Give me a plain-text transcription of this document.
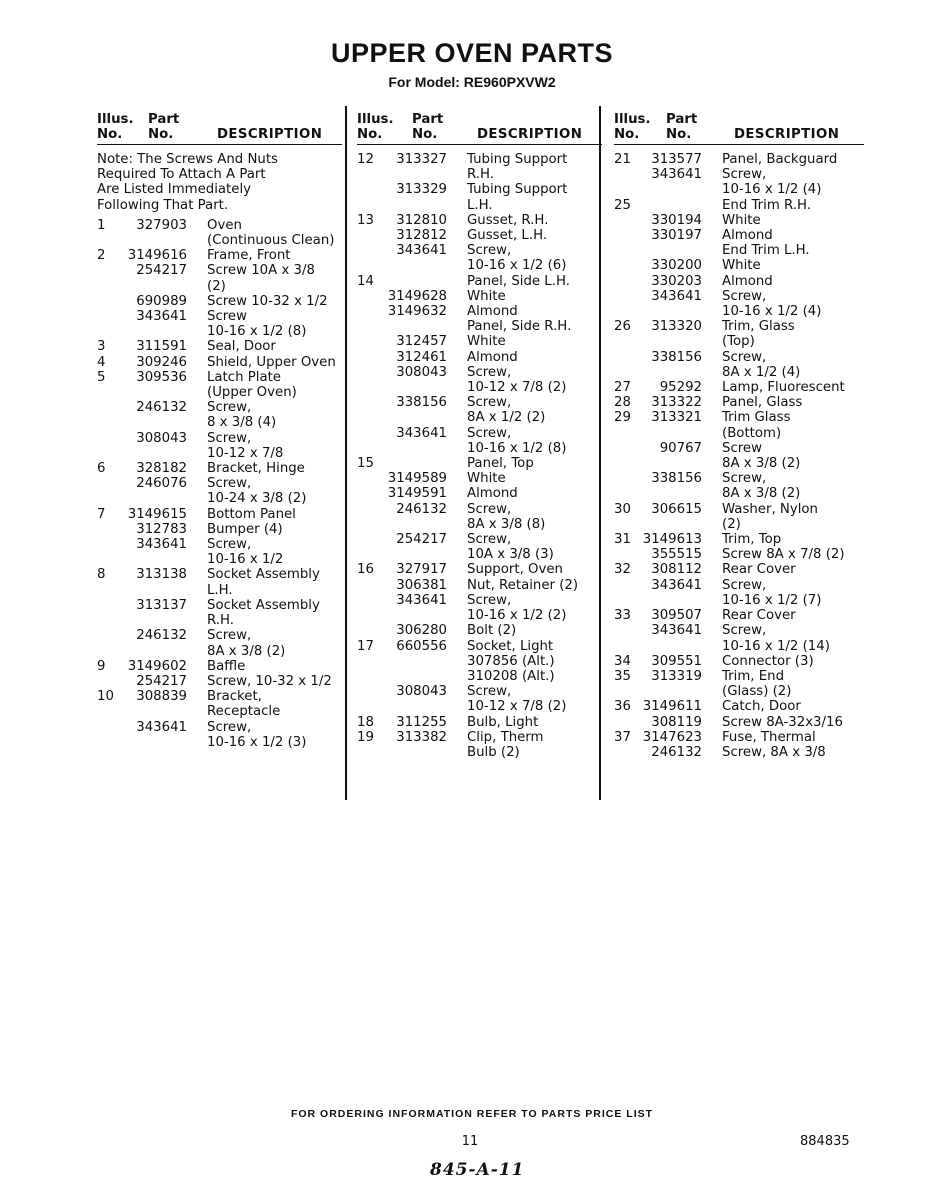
UPPER OVEN PARTS
For Model: RE960PXVW2
Illus.
No.
Part
No.	DESCRIPTION
Note: The Screws And Nuts
Required To Attach A Part
Are Listed Immediately
Following That Part.
1	327903	Oven
(Continuous Clean)
2	3149616	Frame, Front
254217	Screw 10A x 3/8
(2)
690989	Screw 10-32 x 1/2
343641	Screw
10-16 x 1/2 (8)
3	311591	Seal, Door
4	309246	Shield, Upper Oven
5	309536	Latch Plate
(Upper Oven)
246132	Screw,
8 x 3/8 (4)
308043	Screw,
10-12 x 7/8
6	328182	Bracket, Hinge
246076	Screw,
10-24 x 3/8 (2)
7	3149615	Bottom Panel
312783	Bumper (4)
343641	Screw,
10-16 x 1/2
8	313138	Socket Assembly
L.H.
313137	Socket Assembly
R.H.
246132	Screw,
8A x 3/8 (2)
9	3149602	Baffle
254217	Screw, 10-32 x 1/2
10	308839	Bracket,
Receptacle
343641	Screw,
10-16 x 1/2 (3)
Illus.
No.
Part
No.	DESCRIPTION
12	313327	Tubing Support
R.H.
313329	Tubing Support
L.H.
13	312810	Gusset, R.H.
312812	Gusset, L.H.
343641	Screw,
10-16 x 1/2 (6)
14	Panel, Side L.H.
3149628	White
3149632	Almond
Panel, Side R.H.
312457	White
312461	Almond
308043	Screw,
10-12 x 7/8 (2)
338156	Screw,
8A x 1/2 (2)
343641	Screw,
10-16 x 1/2 (8)
15	Panel, Top
3149589	White
3149591	Almond
246132	Screw,
8A x 3/8 (8)
254217	Screw,
10A x 3/8 (3)
16	327917	Support, Oven
306381	Nut, Retainer (2)
343641	Screw,
10-16 x 1/2 (2)
306280	Bolt (2)
17	660556	Socket, Light
307856 (Alt.)
310208 (Alt.)
308043	Screw,
10-12 x 7/8 (2)
18	311255	Bulb, Light
19	313382	Clip, Therm
Bulb (2)
Illus.
No.
Part
No.	DESCRIPTION
21	313577	Panel, Backguard
343641	Screw,
10-16 x 1/2 (4)
25	End Trim R.H.
330194	White
330197	Almond
End Trim L.H.
330200	White
330203	Almond
343641	Screw,
10-16 x 1/2 (4)
26	313320	Trim, Glass
(Top)
338156	Screw,
8A x 1/2 (4)
27	95292	Lamp, Fluorescent
28	313322	Panel, Glass
29	313321	Trim Glass
(Bottom)
90767	Screw
8A x 3/8 (2)
338156	Screw,
8A x 3/8 (2)
30	306615	Washer, Nylon
(2)
31 3149613	Trim, Top
355515	Screw 8A x 7/8 (2)
32	308112	Rear Cover
343641	Screw,
10-16 x 1/2 (7)
33	309507	Rear Cover
343641	Screw,
10-16 x 1/2 (14)
34	309551	Connector (3)
35	313319	Trim, End
(Glass) (2)
36 3149611	Catch, Door
308119	Screw 8A-32x3/16
37 3147623	Fuse, Thermal
246132	Screw, 8A x 3/8
FOR ORDERING INFORMATION REFER TO PARTS PRICE LIST
11	884835
845-A-11
